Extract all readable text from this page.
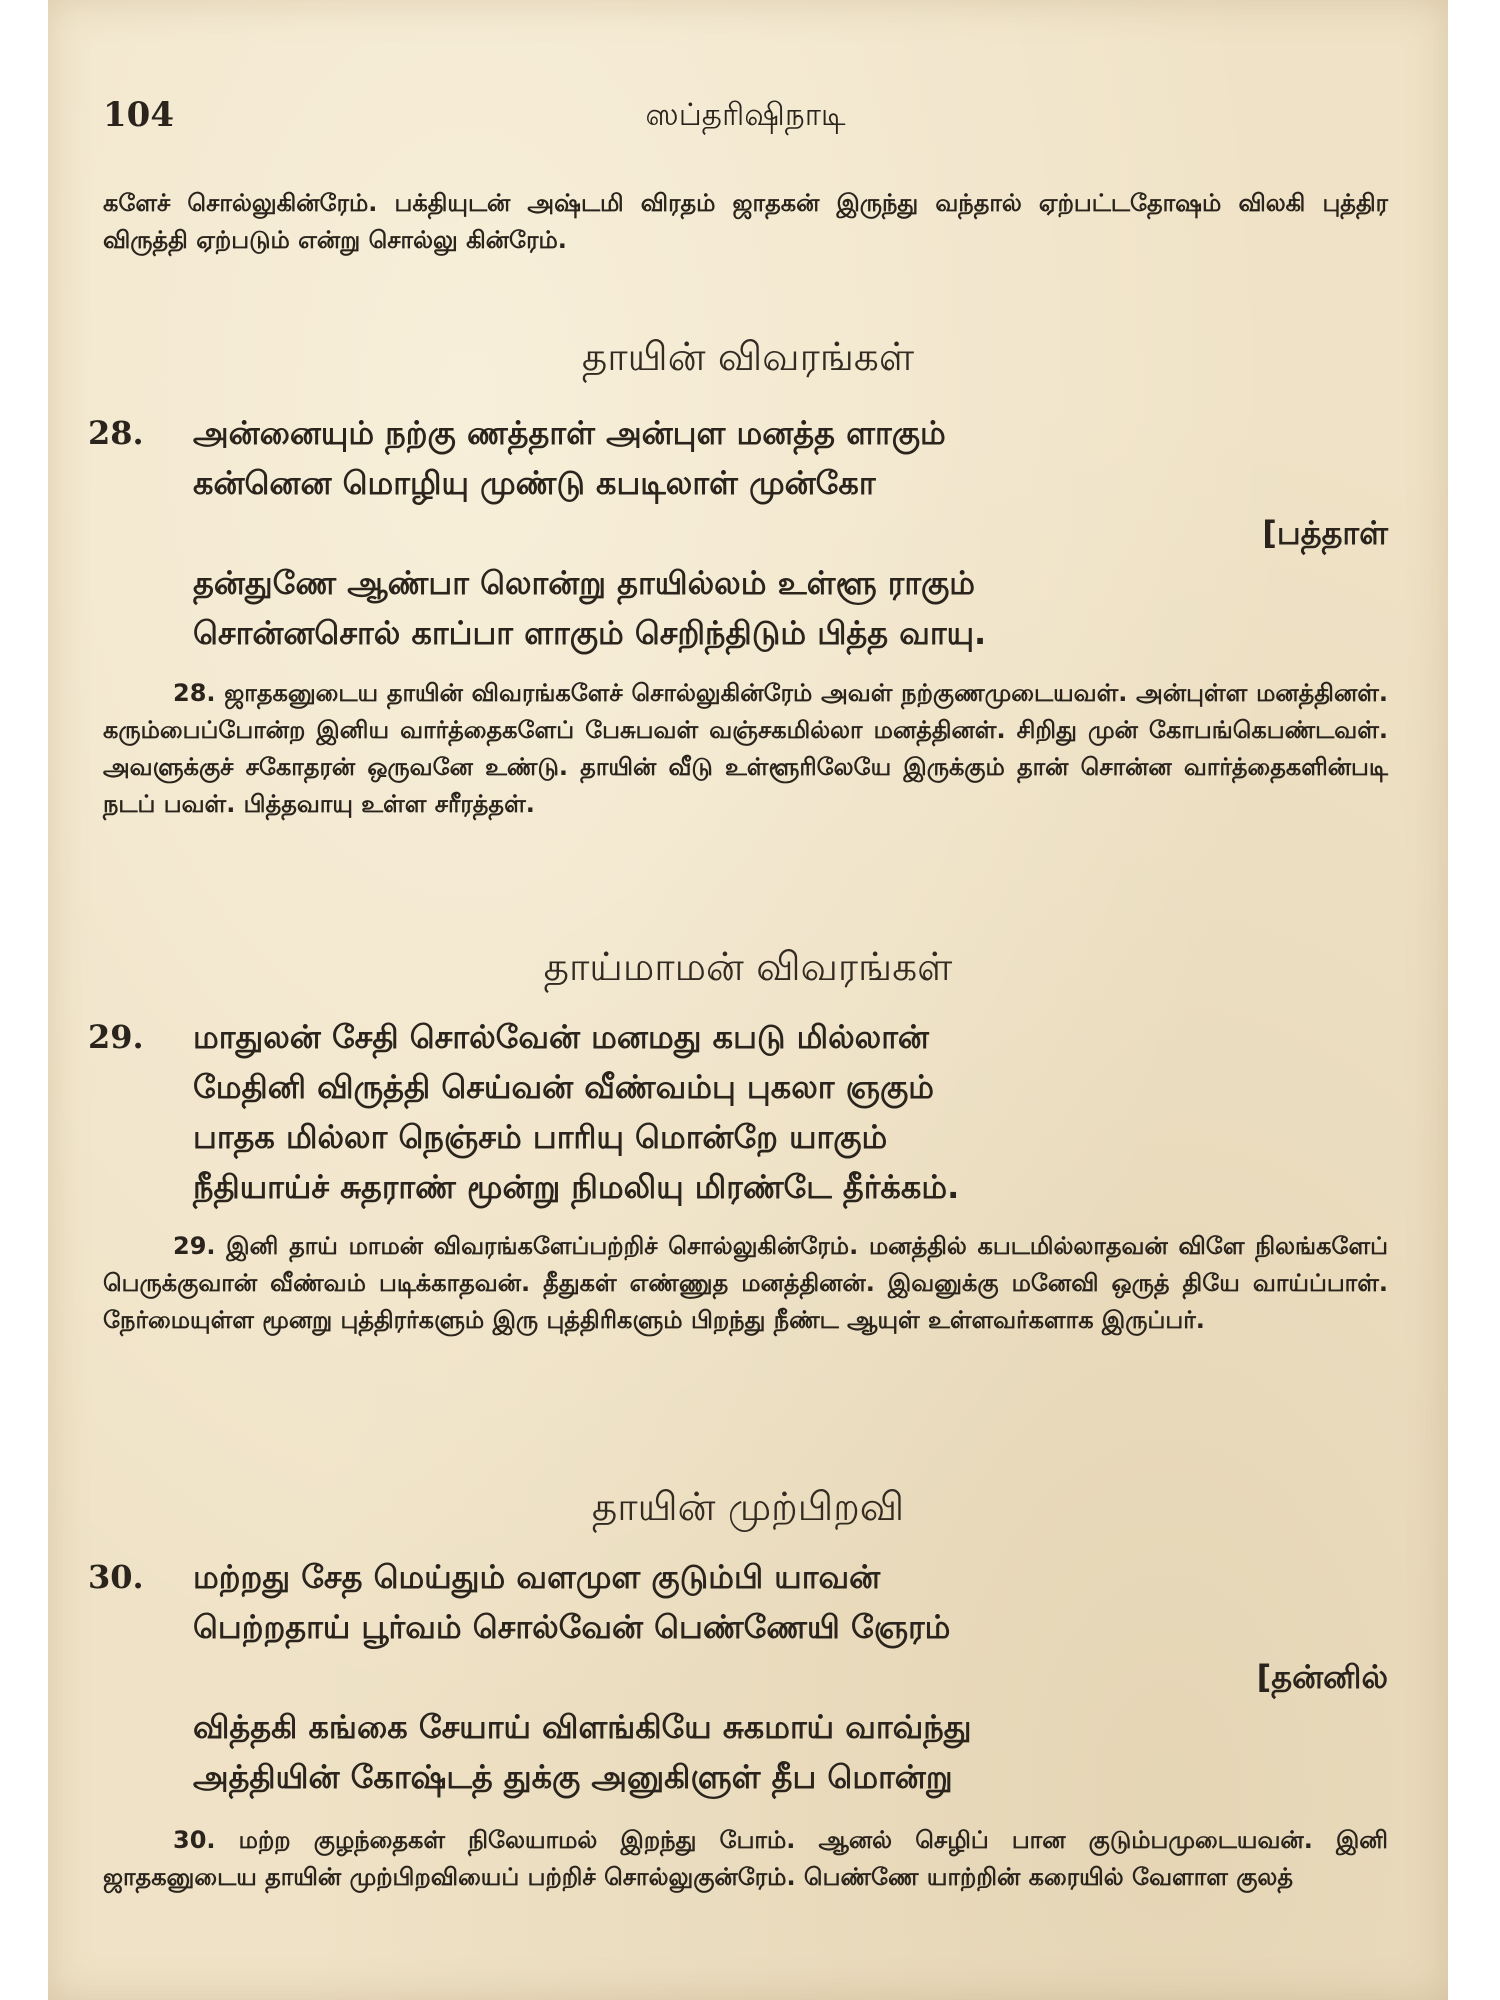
104	ஸப்தரிஷிநாடி

களேச் சொல்லுகின்ரேம். பக்தியுடன் அஷ்டமி விரதம் ஜாதகன் இருந்து வந்தால் ஏற்பட்டதோஷம் விலகி புத்திர விருத்தி ஏற்படும் என்று சொல்லு கின்ரேம்.

தாயின் விவரங்கள்
28. அன்னையும் நற்கு ணத்தாள் அன்புள மனத்த ளாகும்
கன்னென மொழியு முண்டு கபடிலாள் முன்கோ
[பத்தாள்
தன்துணே ஆண்பா லொன்று தாயில்லம் உள்ளூ ராகும்
சொன்னசொல் காப்பா ளாகும் செறிந்திடும் பித்த வாயு.

28. ஜாதகனுடைய தாயின் விவரங்களேச் சொல்லுகின்ரேம் அவள் நற்குணமுடையவள். அன்புள்ள மனத்தினள். கரும்பைப்போன்ற இனிய வார்த்தைகளேப் பேசுபவள் வஞ்சகமில்லா மனத்தினள். சிறிது முன் கோபங்கெபண்டவள். அவளுக்குச் சகோதரன் ஒருவனே உண்டு. தாயின் வீடு உள்ளூரிலேயே இருக்கும் தான் சொன்ன வார்த்தைகளின்படி நடப் பவள். பித்தவாயு உள்ள சரீரத்தள்.

தாய்மாமன் விவரங்கள்
29. மாதுலன் சேதி சொல்வேன் மனமது கபடு மில்லான்
மேதினி விருத்தி செய்வன் வீண்வம்பு புகலா ஞகும்
பாதக மில்லா நெஞ்சம் பாரியு மொன்றே யாகும்
நீதியாய்ச் சுதராண் மூன்று நிமலியு மிரண்டே தீர்க்கம்.

29. இனி தாய் மாமன் விவரங்களேப்பற்றிச் சொல்லுகின்ரேம். மனத்தில் கபடமில்லாதவன் விளே நிலங்களேப் பெருக்குவான் வீண்வம் படிக்காதவன். தீதுகள் எண்ணுத மனத்தினன். இவனுக்கு மனேவி ஒருத் தியே வாய்ப்பாள். நேர்மையுள்ள மூனறு புத்திரர்களும் இரு புத்திரிகளும் பிறந்து நீண்ட ஆயுள் உள்ளவர்களாக இருப்பர்.

தாயின் முற்பிறவி
30. மற்றது சேத மெய்தும் வளமுள குடும்பி யாவன்
பெற்றதாய் பூர்வம் சொல்வேன் பெண்ணேயி ஞேரம்
[தன்னில்
வித்தகி கங்கை சேயாய் விளங்கியே சுகமாய் வாவ்ந்து
அத்தியின் கோஷ்டத் துக்கு அனுகிளுள் தீப மொன்று

30. மற்ற குழந்தைகள் நிலேயாமல் இறந்து போம். ஆனல் செழிப் பான குடும்பமுடையவன். இனி ஜாதகனுடைய தாயின் முற்பிறவியைப் பற்றிச் சொல்லுகுன்ரேம். பெண்ணே யாற்றின் கரையில் வேளாள குலத்
